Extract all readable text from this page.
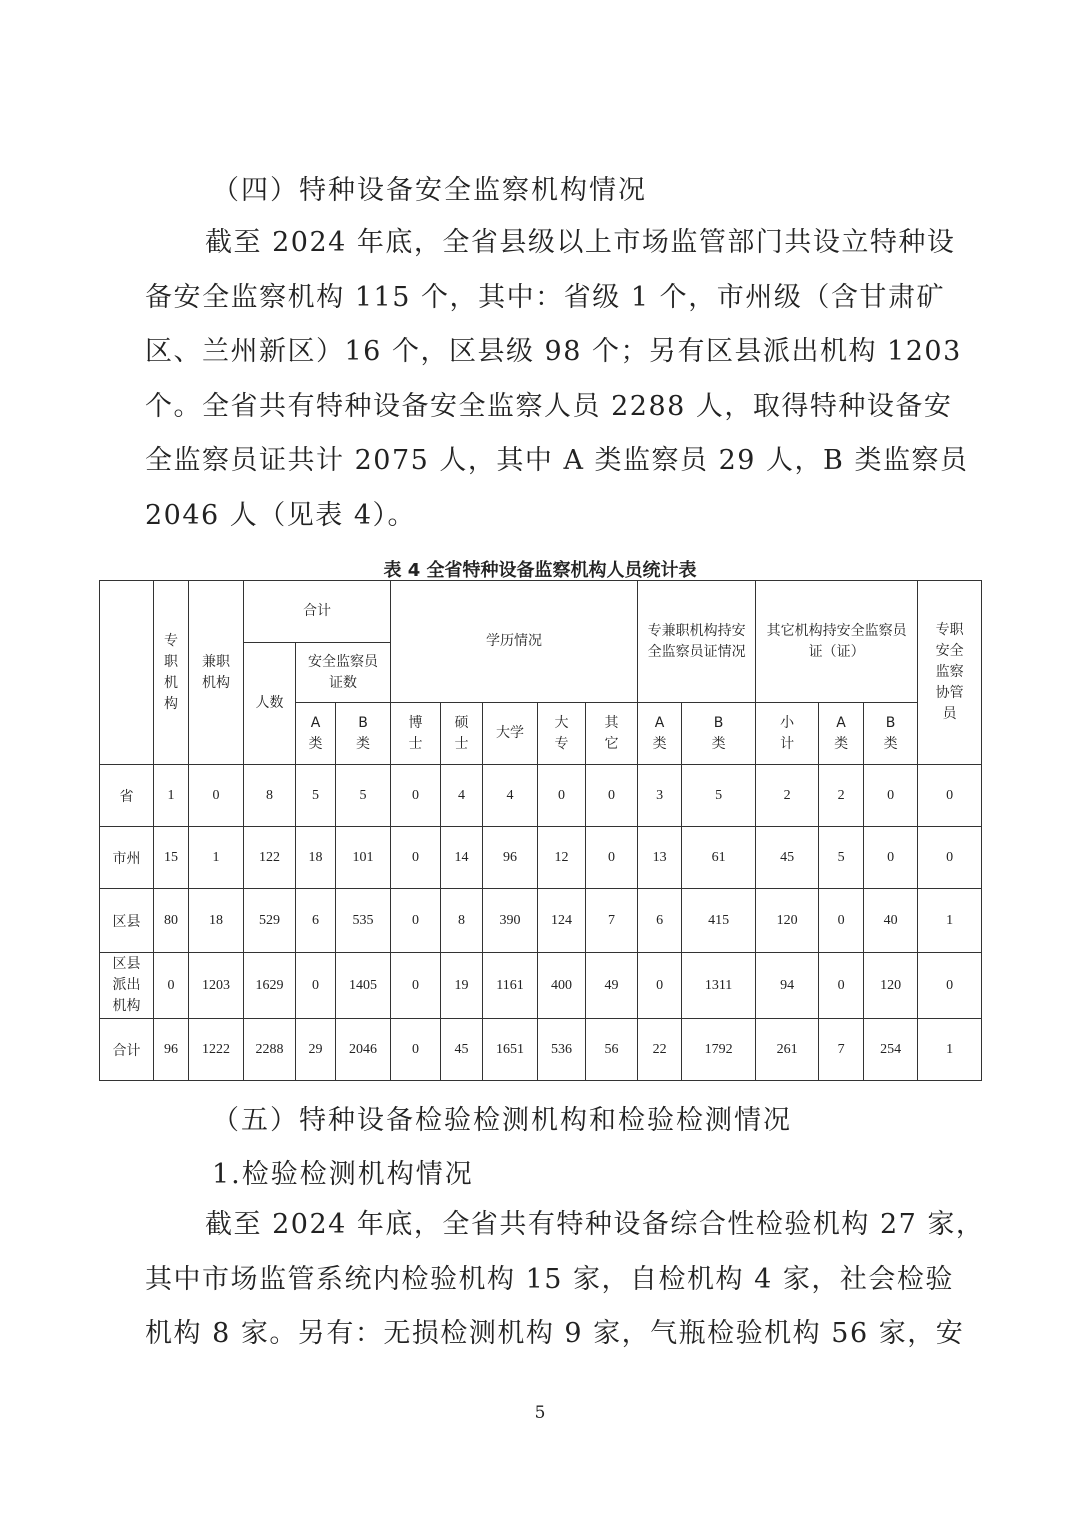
（四）特种设备安全监察机构情况
截至 2024 年底，全省县级以上市场监管部门共设立特种设
备安全监察机构 115 个，其中：省级 1 个，市州级（含甘肃矿
区、兰州新区）16 个，区县级 98 个；另有区县派出机构 1203
个。全省共有特种设备安全监察人员 2288 人，取得特种设备安
全监察员证共计 2075 人，其中 A 类监察员 29 人，B 类监察员
2046 人（见表 4）。
表 4 全省特种设备监察机构人员统计表
	专职机构	兼职机构	合计			学历情况					专兼职机构持安全监察员证情况		其它机构持安全监察员证（证）			专职安全监察协管员
			人数	安全监察员证数												
				A类	B类	博士	硕士	大学	大专	其它	A类	B类	小计	A类	B类	
省	1	0	8	5	5	0	4	4	0	0	3	5	2	2	0	0
市州	15	1	122	18	101	0	14	96	12	0	13	61	45	5	0	0
区县	80	18	529	6	535	0	8	390	124	7	6	415	120	0	40	1
区县派出机构	0	1203	1629	0	1405	0	19	1161	400	49	0	1311	94	0	120	0
合计	96	1222	2288	29	2046	0	45	1651	536	56	22	1792	261	7	254	1
（五）特种设备检验检测机构和检验检测情况
1.检验检测机构情况
截至 2024 年底，全省共有特种设备综合性检验机构 27 家，
其中市场监管系统内检验机构 15 家，自检机构 4 家，社会检验
机构 8 家。另有：无损检测机构 9 家，气瓶检验机构 56 家，安
5
